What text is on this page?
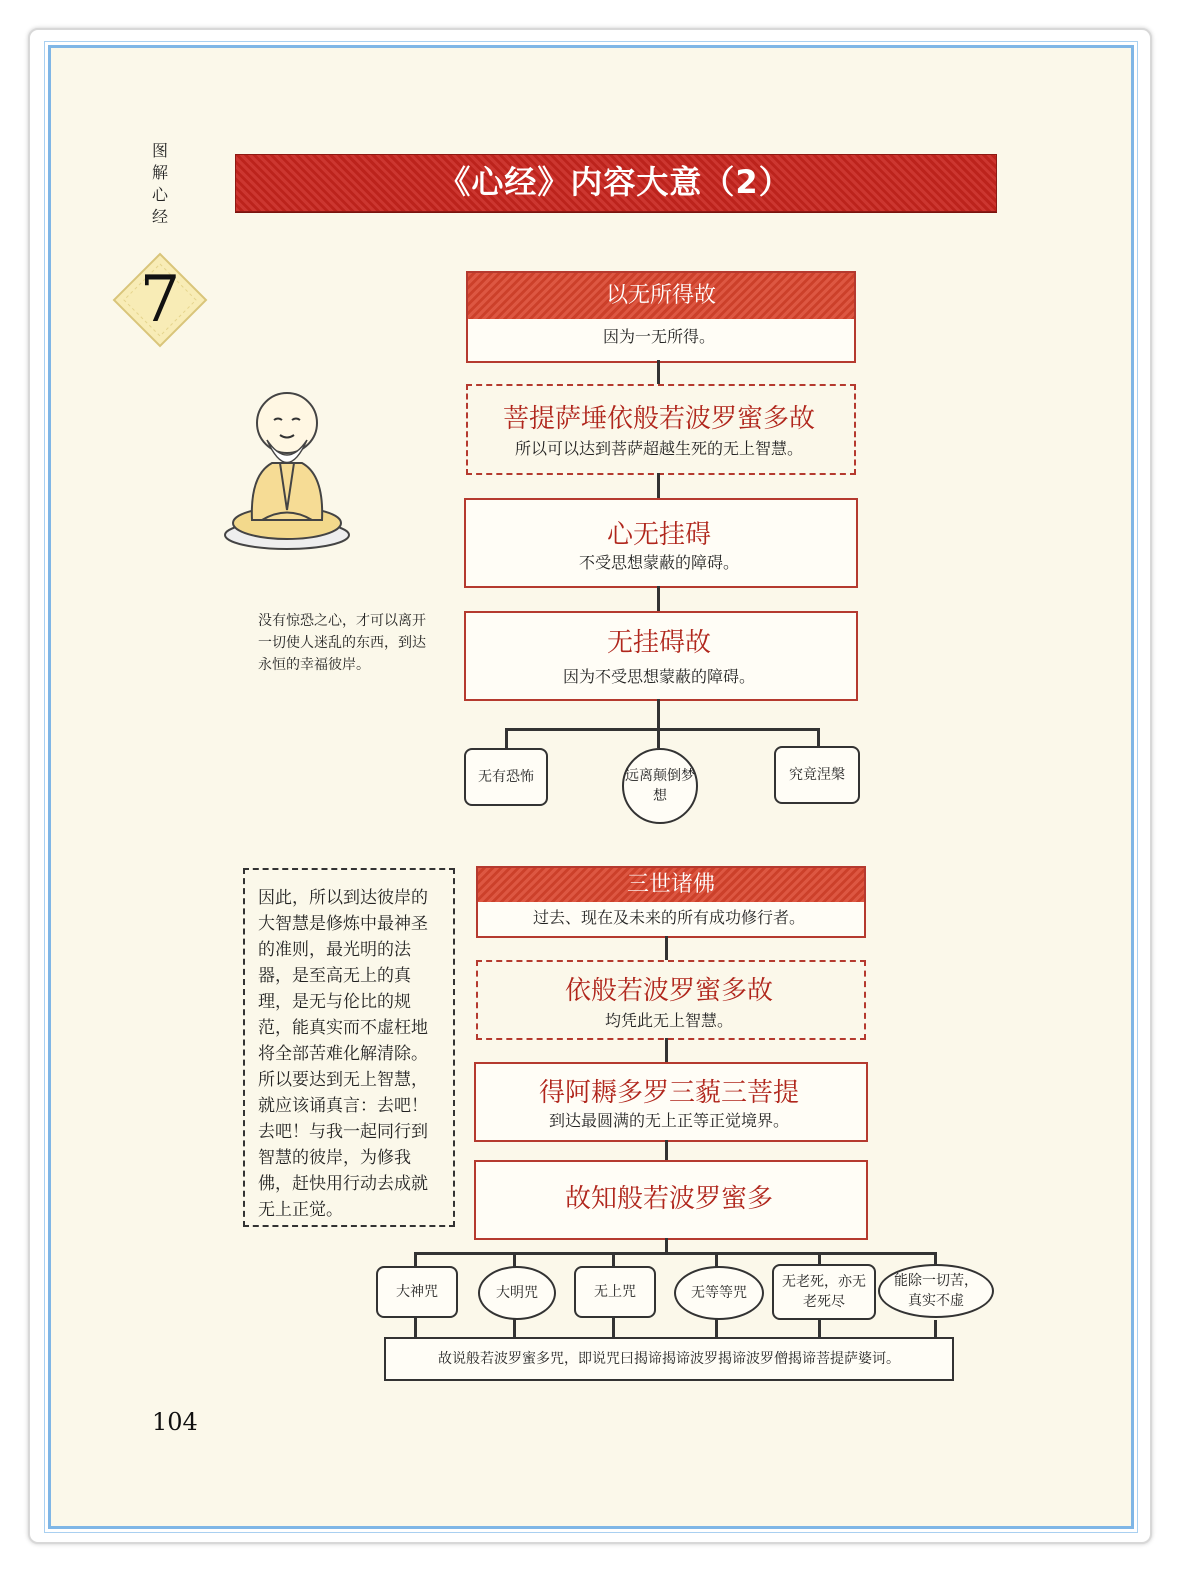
图解心经
7
《心经》内容大意（2）
没有惊恐之心，才可以离开一切使人迷乱的东西，到达永恒的幸福彼岸。
以无所得故
因为一无所得。
菩提萨埵依般若波罗蜜多故
所以可以达到菩萨超越生死的无上智慧。
心无挂碍
不受思想蒙蔽的障碍。
无挂碍故
因为不受思想蒙蔽的障碍。
无有恐怖	远离颠倒梦想
究竟涅槃
因此，所以到达彼岸的大智慧是修炼中最神圣的准则，最光明的法器，是至高无上的真理，是无与伦比的规范，能真实而不虚枉地将全部苦难化解清除。所以要达到无上智慧，就应该诵真言：去吧！去吧！与我一起同行到智慧的彼岸，为修我佛，赶快用行动去成就无上正觉。
三世诸佛
过去、现在及未来的所有成功修行者。
依般若波罗蜜多故
均凭此无上智慧。
得阿耨多罗三藐三菩提
到达最圆满的无上正等正觉境界。
故知般若波罗蜜多
大神咒	大明咒	无上咒	无等等咒
无老死，亦无老死尽
能除一切苦，真实不虚
故说般若波罗蜜多咒，即说咒曰揭谛揭谛波罗揭谛波罗僧揭谛菩提萨婆诃。
104
